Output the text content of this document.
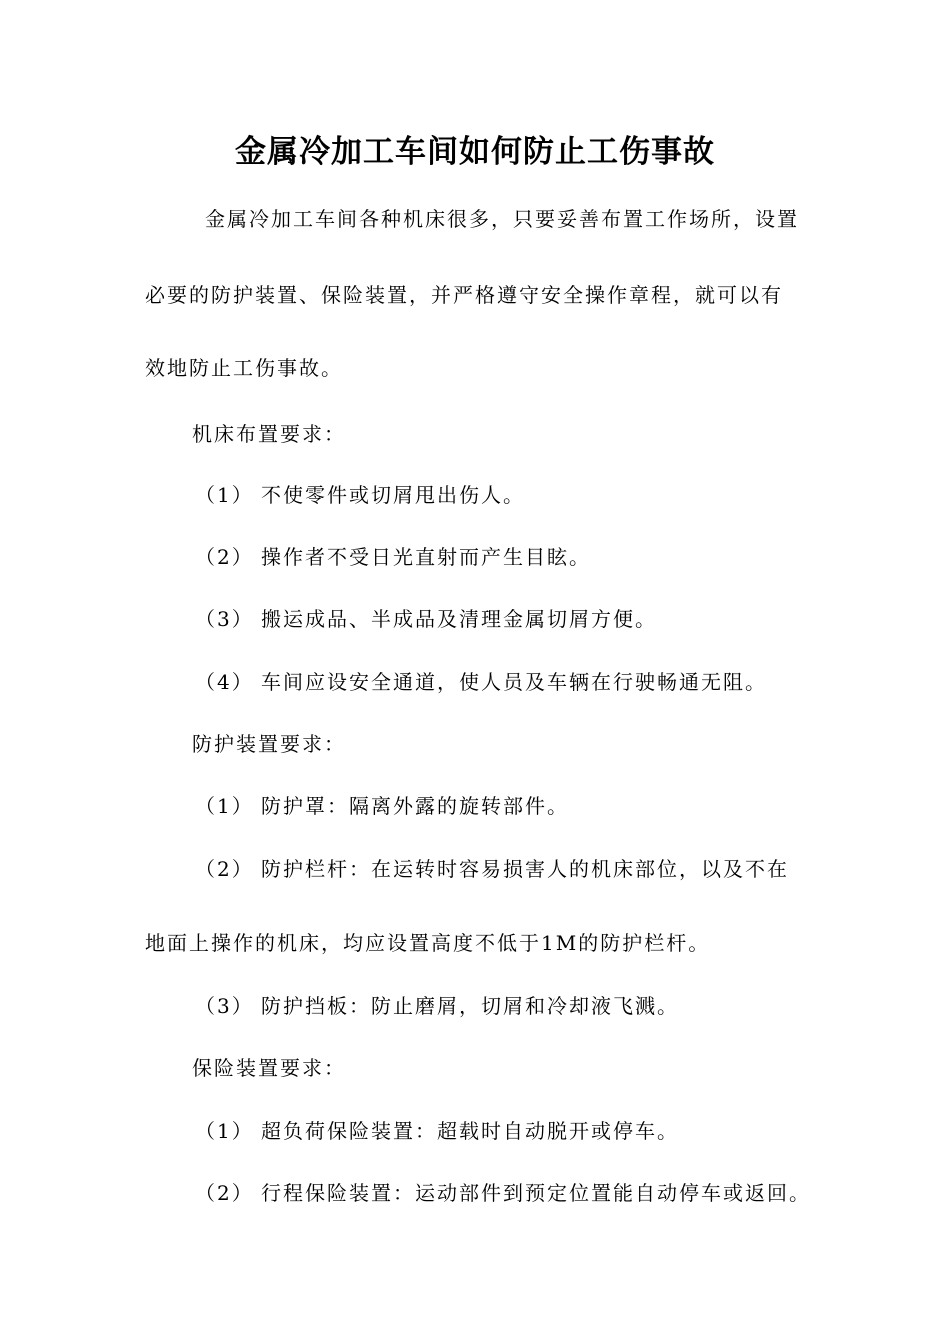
金属冷加工车间如何防止工伤事故
金属冷加工车间各种机床很多，只要妥善布置工作场所，设置
必要的防护装置、保险装置，并严格遵守安全操作章程，就可以有
效地防止工伤事故。
机床布置要求：
（1） 不使零件或切屑甩出伤人。
（2） 操作者不受日光直射而产生目眩。
（3） 搬运成品、半成品及清理金属切屑方便。
（4） 车间应设安全通道，使人员及车辆在行驶畅通无阻。
防护装置要求：
（1） 防护罩：隔离外露的旋转部件。
（2） 防护栏杆：在运转时容易损害人的机床部位，以及不在
地面上操作的机床，均应设置高度不低于1M的防护栏杆。
（3） 防护挡板：防止磨屑，切屑和冷却液飞溅。
保险装置要求：
（1） 超负荷保险装置：超载时自动脱开或停车。
（2） 行程保险装置：运动部件到预定位置能自动停车或返回。
